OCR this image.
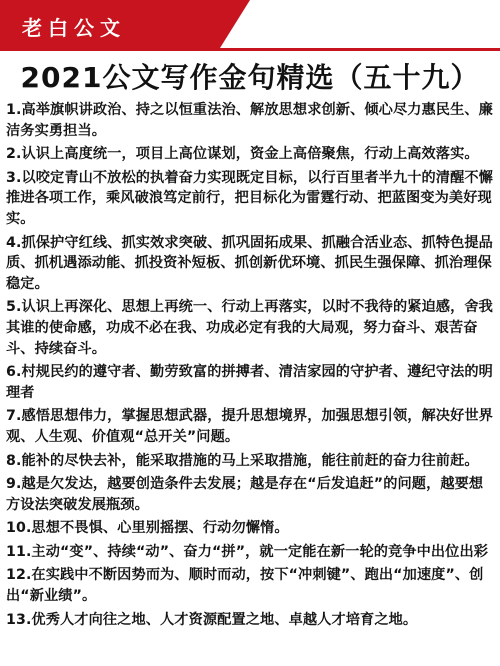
老白公文
2021公文写作金句精选（五十九）
1.高举旗帜讲政治、持之以恒重法治、解放思想求创新、倾心尽力惠民生、廉洁务实勇担当。
2.认识上高度统一，项目上高位谋划，资金上高倍聚焦，行动上高效落实。
3.以咬定青山不放松的执着奋力实现既定目标，以行百里者半九十的清醒不懈推进各项工作，乘风破浪笃定前行，把目标化为雷霆行动、把蓝图变为美好现实。
4.抓保护守红线、抓实效求突破、抓巩固拓成果、抓融合活业态、抓特色提品质、抓机遇添动能、抓投资补短板、抓创新优环境、抓民生强保障、抓治理保稳定。
5.认识上再深化、思想上再统一、行动上再落实，以时不我待的紧迫感，舍我其谁的使命感，功成不必在我、功成必定有我的大局观，努力奋斗、艰苦奋斗、持续奋斗。
6.村规民约的遵守者、勤劳致富的拼搏者、清洁家园的守护者、遵纪守法的明理者
7.感悟思想伟力，掌握思想武器，提升思想境界，加强思想引领，解决好世界观、人生观、价值观“总开关”问题。
8.能补的尽快去补，能采取措施的马上采取措施，能往前赶的奋力往前赶。
9.越是欠发达，越要创造条件去发展；越是存在“后发追赶”的问题，越要想方设法突破发展瓶颈。
10.思想不畏惧、心里别摇摆、行动勿懈惰。
11.主动“变”、持续“动”、奋力“拼”，就一定能在新一轮的竞争中出位出彩
12.在实践中不断因势而为、顺时而动，按下“冲刺键”、跑出“加速度”、创出“新业绩”。
13.优秀人才向往之地、人才资源配置之地、卓越人才培育之地。
